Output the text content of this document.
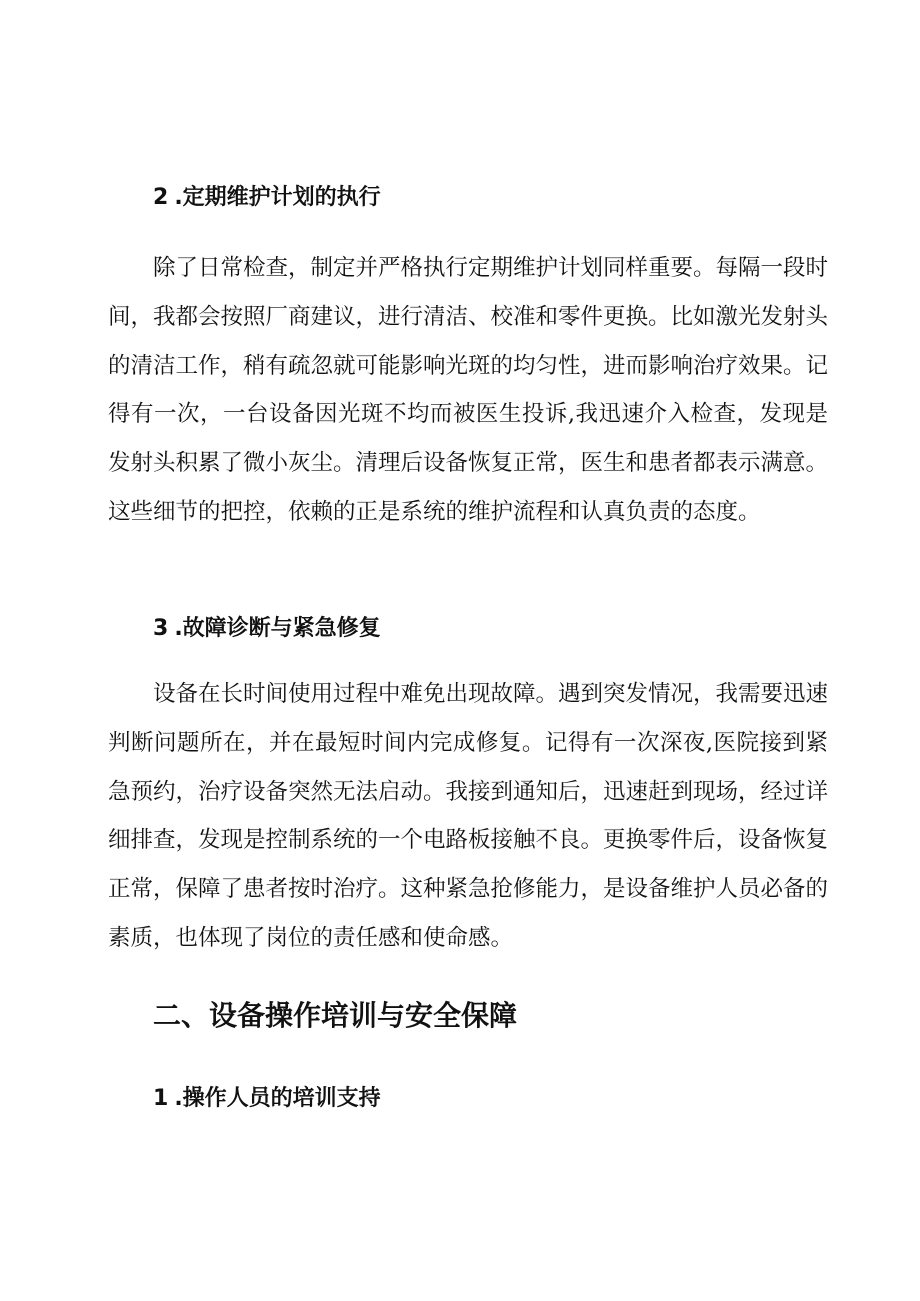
2.定期维护计划的执行
除了日常检查，制定并严格执行定期维护计划同样重要。每隔一段时间，我都会按照厂商建议，进行清洁、校准和零件更换。比如激光发射头的清洁工作，稍有疏忽就可能影响光斑的均匀性，进而影响治疗效果。记得有一次，一台设备因光斑不均而被医生投诉,我迅速介入检查，发现是发射头积累了微小灰尘。清理后设备恢复正常，医生和患者都表示满意。这些细节的把控，依赖的正是系统的维护流程和认真负责的态度。
3.故障诊断与紧急修复
设备在长时间使用过程中难免出现故障。遇到突发情况，我需要迅速判断问题所在，并在最短时间内完成修复。记得有一次深夜,医院接到紧急预约，治疗设备突然无法启动。我接到通知后，迅速赶到现场，经过详细排查，发现是控制系统的一个电路板接触不良。更换零件后，设备恢复正常，保障了患者按时治疗。这种紧急抢修能力，是设备维护人员必备的素质，也体现了岗位的责任感和使命感。
二、设备操作培训与安全保障
1.操作人员的培训支持
